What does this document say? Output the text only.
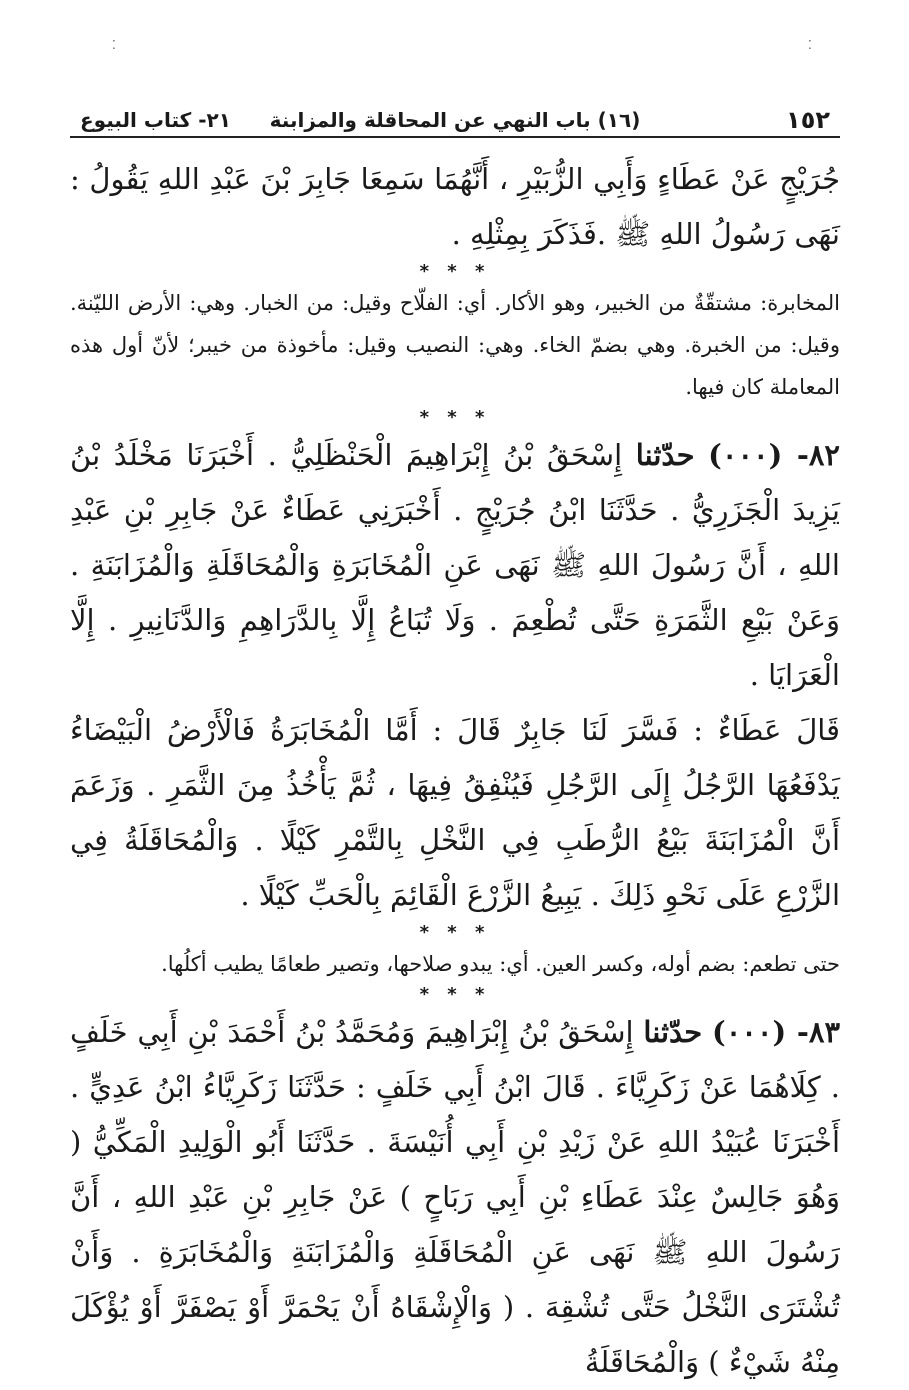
⁚	⁚
١٥٢
(١٦) باب النهي عن المحاقلة والمزابنة
٢١- كتاب البيوع

جُرَيْجٍ عَنْ عَطَاءٍ وَأَبِي الزُّبَيْرِ ، أَنَّهُمَا سَمِعَا جَابِرَ بْنَ عَبْدِ اللهِ يَقُولُ : نَهَى رَسُولُ اللهِ ﷺ .فَذَكَرَ بِمِثْلِهِ .

* * *

المخابرة: مشتقّةٌ من الخبير، وهو الأكار. أي: الفلّاح وقيل: من الخبار. وهي: الأرض الليّنة. وقيل: من الخبرة. وهي بضمّ الخاء. وهي: النصيب وقيل: مأخوذة من خيبر؛ لأنّ أول هذه المعاملة كان فيها.

* * *

٨٢- (٠٠٠) حدّثنا إِسْحَقُ بْنُ إِبْرَاهِيمَ الْحَنْظَلِيُّ . أَخْبَرَنَا مَخْلَدُ بْنُ يَزِيدَ الْجَزَرِيُّ . حَدَّثَنَا ابْنُ جُرَيْجٍ . أَخْبَرَنِي عَطَاءٌ عَنْ جَابِرِ بْنِ عَبْدِ اللهِ ، أَنَّ رَسُولَ اللهِ ﷺ نَهَى عَنِ الْمُخَابَرَةِ وَالْمُحَاقَلَةِ وَالْمُزَابَنَةِ . وَعَنْ بَيْعِ الثَّمَرَةِ حَتَّى تُطْعِمَ . وَلَا تُبَاعُ إِلَّا بِالدَّرَاهِمِ وَالدَّنَانِيرِ . إِلَّا الْعَرَايَا .

قَالَ عَطَاءٌ : فَسَّرَ لَنَا جَابِرٌ قَالَ : أَمَّا الْمُخَابَرَةُ فَالْأَرْضُ الْبَيْضَاءُ يَدْفَعُهَا الرَّجُلُ إِلَى الرَّجُلِ فَيُنْفِقُ فِيهَا ، ثُمَّ يَأْخُذُ مِنَ الثَّمَرِ . وَزَعَمَ أَنَّ الْمُزَابَنَةَ بَيْعُ الرُّطَبِ فِي النَّخْلِ بِالتَّمْرِ كَيْلًا . وَالْمُحَاقَلَةُ فِي الزَّرْعِ عَلَى نَحْوِ ذَلِكَ . يَبِيعُ الزَّرْعَ الْقَائِمَ بِالْحَبِّ كَيْلًا .

* * *

حتى تطعم: بضم أوله، وكسر العين. أي: يبدو صلاحها، وتصير طعامًا يطيب أكلُها.

* * *

٨٣- (٠٠٠) حدّثنا إِسْحَقُ بْنُ إِبْرَاهِيمَ وَمُحَمَّدُ بْنُ أَحْمَدَ بْنِ أَبِي خَلَفٍ . كِلَاهُمَا عَنْ زَكَرِيَّاءَ . قَالَ ابْنُ أَبِي خَلَفٍ : حَدَّثَنَا زَكَرِيَّاءُ ابْنُ عَدِيٍّ . أَخْبَرَنَا عُبَيْدُ اللهِ عَنْ زَيْدِ بْنِ أَبِي أُنَيْسَةَ . حَدَّثَنَا أَبُو الْوَلِيدِ الْمَكِّيُّ ( وَهُوَ جَالِسٌ عِنْدَ عَطَاءِ بْنِ أَبِي رَبَاحٍ ) عَنْ جَابِرِ بْنِ عَبْدِ اللهِ ، أَنَّ رَسُولَ اللهِ ﷺ نَهَى عَنِ الْمُحَاقَلَةِ وَالْمُزَابَنَةِ وَالْمُخَابَرَةِ . وَأَنْ تُشْتَرَى النَّخْلُ حَتَّى تُشْقِهَ . ( وَالْإِشْقَاهُ أَنْ يَحْمَرَّ أَوْ يَصْفَرَّ أَوْ يُؤْكَلَ مِنْهُ شَيْءٌ ) وَالْمُحَاقَلَةُ
